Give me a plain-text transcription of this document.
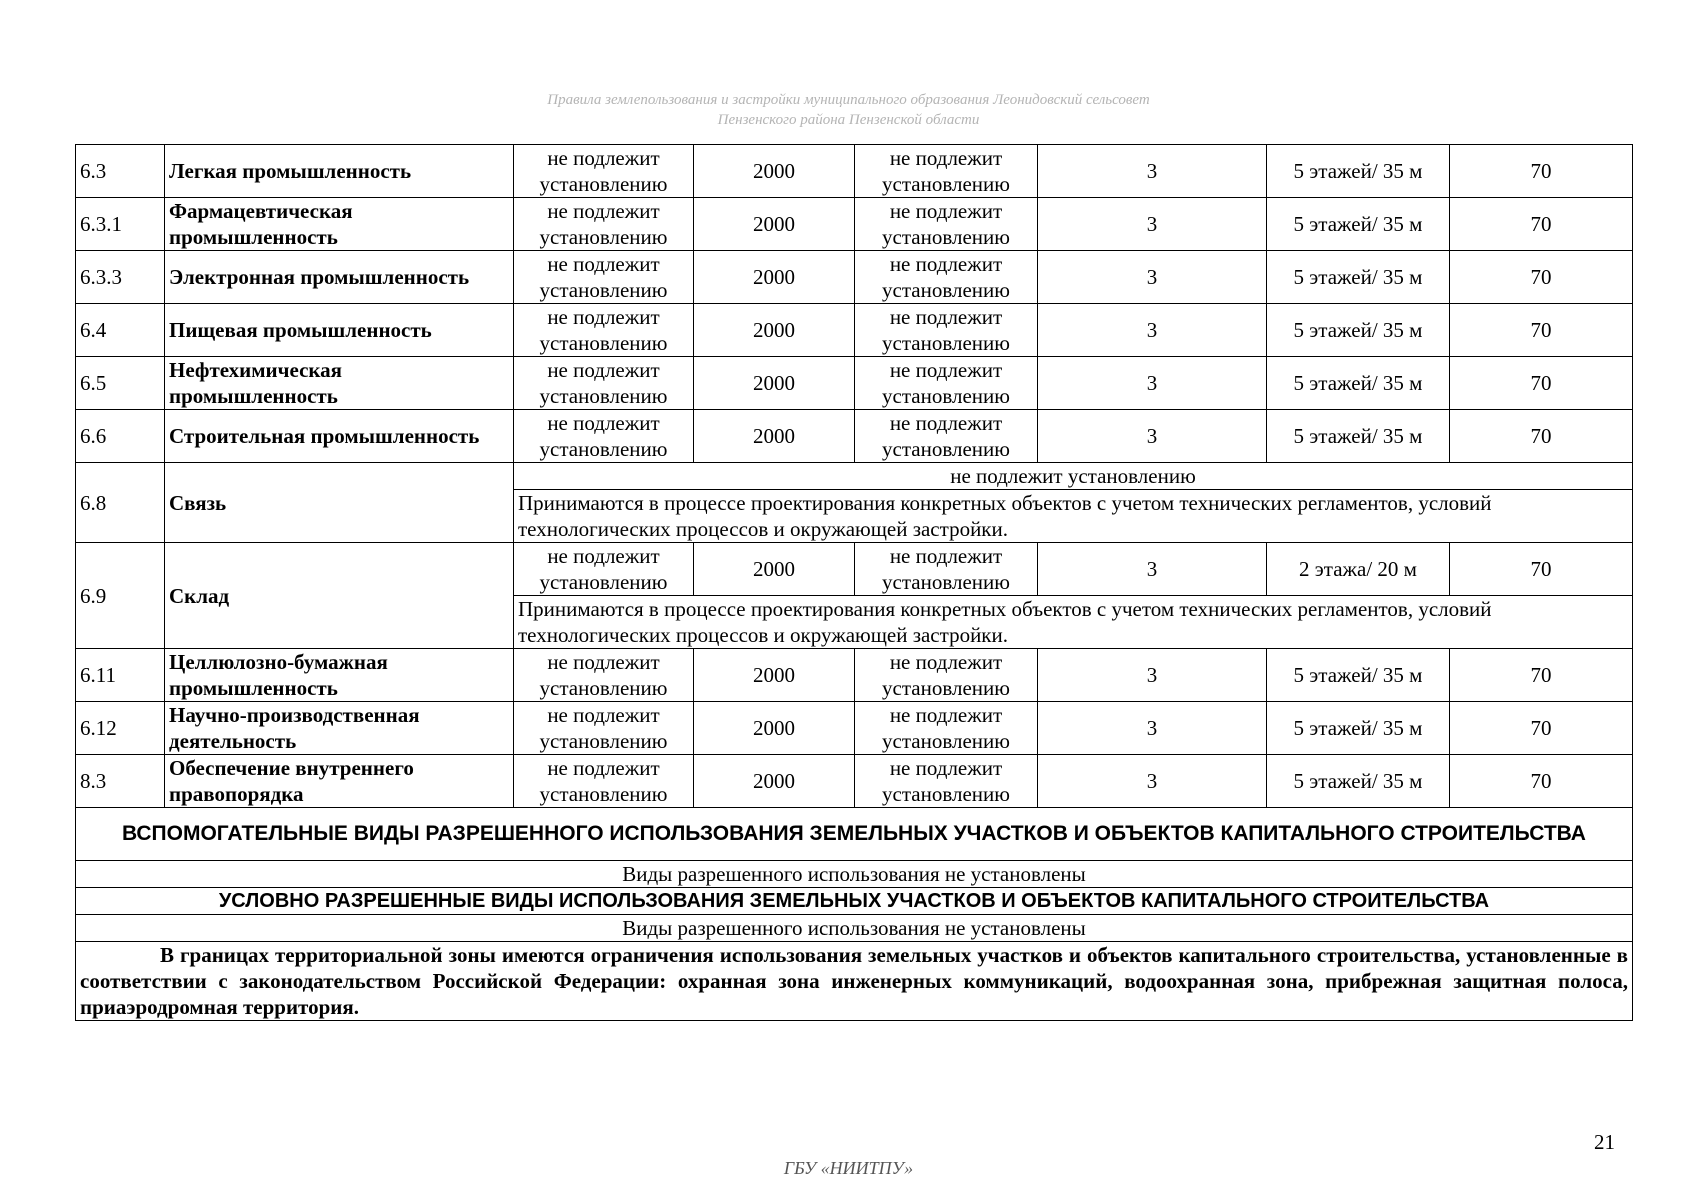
Правила землепользования и застройки муниципального образования Леонидовский сельсовет
Пензенского района Пензенской области
6.3	Легкая промышленность	не подлежит установлению	2000	не подлежит установлению	3	5 этажей/ 35 м	70
6.3.1	Фармацевтическая промышленность	не подлежит установлению	2000	не подлежит установлению	3	5 этажей/ 35 м	70
6.3.3	Электронная промышленность	не подлежит установлению	2000	не подлежит установлению	3	5 этажей/ 35 м	70
6.4	Пищевая промышленность	не подлежит установлению	2000	не подлежит установлению	3	5 этажей/ 35 м	70
6.5	Нефтехимическая промышленность	не подлежит установлению	2000	не подлежит установлению	3	5 этажей/ 35 м	70
6.6	Строительная промышленность	не подлежит установлению	2000	не подлежит установлению	3	5 этажей/ 35 м	70
6.8	Связь	не подлежит установлению					
		Принимаются в процессе проектирования конкретных объектов с учетом технических регламентов, условий технологических процессов и окружающей застройки.					
6.9	Склад	не подлежит установлению	2000	не подлежит установлению	3	2 этажа/ 20 м	70
		Принимаются в процессе проектирования конкретных объектов с учетом технических регламентов, условий технологических процессов и окружающей застройки.					
6.11	Целлюлозно-бумажная промышленность	не подлежит установлению	2000	не подлежит установлению	3	5 этажей/ 35 м	70
6.12	Научно-производственная деятельность	не подлежит установлению	2000	не подлежит установлению	3	5 этажей/ 35 м	70
8.3	Обеспечение внутреннего правопорядка	не подлежит установлению	2000	не подлежит установлению	3	5 этажей/ 35 м	70
ВСПОМОГАТЕЛЬНЫЕ ВИДЫ РАЗРЕШЕННОГО ИСПОЛЬЗОВАНИЯ ЗЕМЕЛЬНЫХ УЧАСТКОВ И ОБЪЕКТОВ КАПИТАЛЬНОГО СТРОИТЕЛЬСТВА							
Виды разрешенного использования не установлены							
УСЛОВНО РАЗРЕШЕННЫЕ ВИДЫ ИСПОЛЬЗОВАНИЯ ЗЕМЕЛЬНЫХ УЧАСТКОВ И ОБЪЕКТОВ КАПИТАЛЬНОГО СТРОИТЕЛЬСТВА							
Виды разрешенного использования не установлены							
В границах территориальной зоны имеются ограничения использования земельных участков и объектов капитального строительства, установленные в соответствии с законодательством Российской Федерации: охранная зона инженерных коммуникаций, водоохранная зона, прибрежная защитная полоса, приаэродромная территория.							
21
ГБУ «НИИТПУ»
